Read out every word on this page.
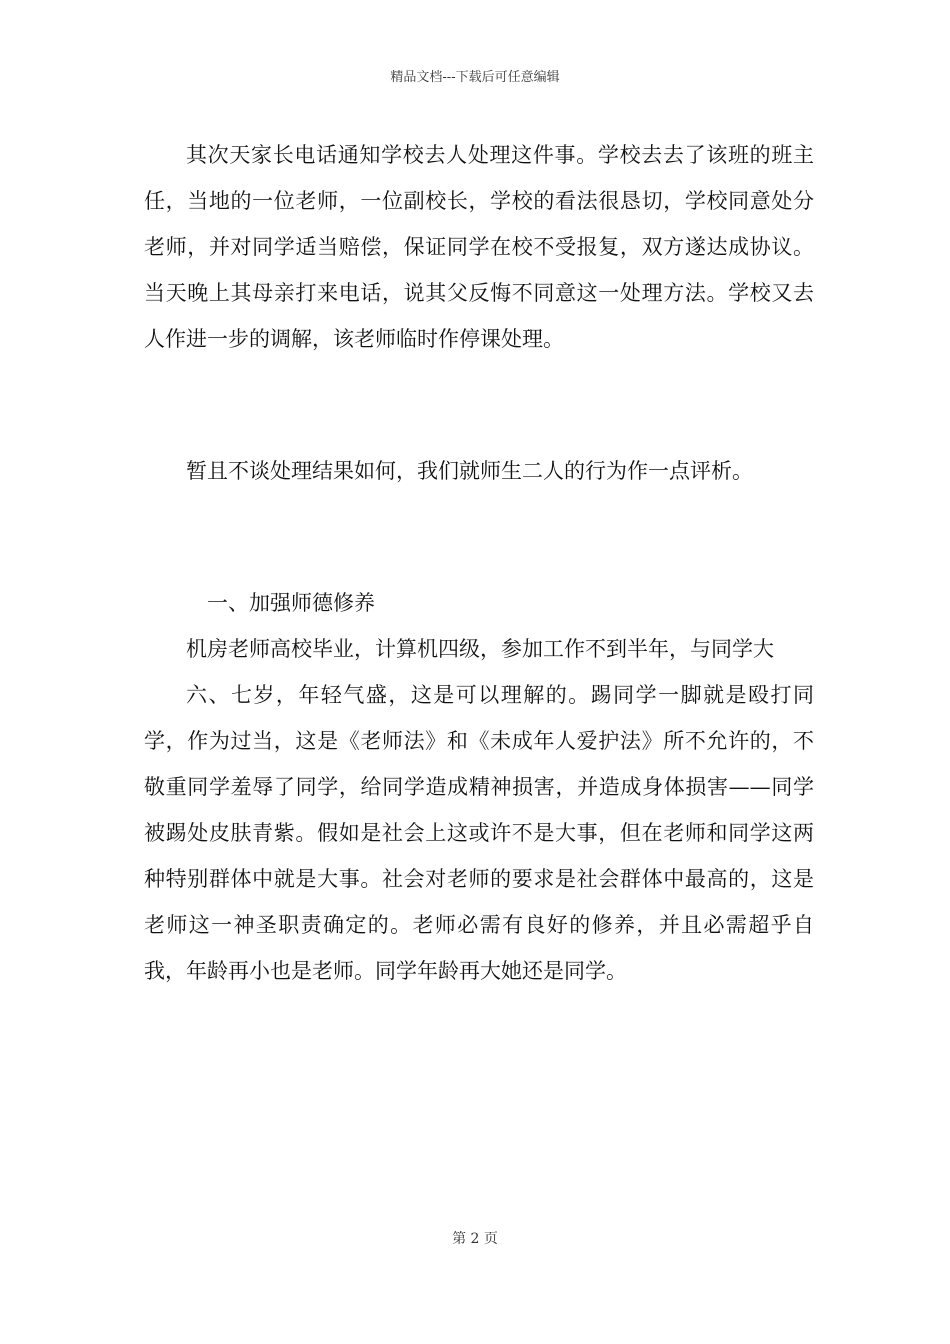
精品文档---下载后可任意编辑

其次天家长电话通知学校去人处理这件事。学校去去了该班的班主任，当地的一位老师，一位副校长，学校的看法很恳切，学校同意处分老师，并对同学适当赔偿，保证同学在校不受报复，双方遂达成协议。当天晚上其母亲打来电话，说其父反悔不同意这一处理方法。学校又去人作进一步的调解，该老师临时作停课处理。

暂且不谈处理结果如何，我们就师生二人的行为作一点评析。

一、加强师德修养

机房老师高校毕业，计算机四级，参加工作不到半年，与同学大

六、七岁，年轻气盛，这是可以理解的。踢同学一脚就是殴打同学，作为过当，这是《老师法》和《未成年人爱护法》所不允许的，不敬重同学羞辱了同学，给同学造成精神损害，并造成身体损害——同学被踢处皮肤青紫。假如是社会上这或许不是大事，但在老师和同学这两种特别群体中就是大事。社会对老师的要求是社会群体中最高的，这是老师这一神圣职责确定的。老师必需有良好的修养，并且必需超乎自我，年龄再小也是老师。同学年龄再大她还是同学。

第 2 页
